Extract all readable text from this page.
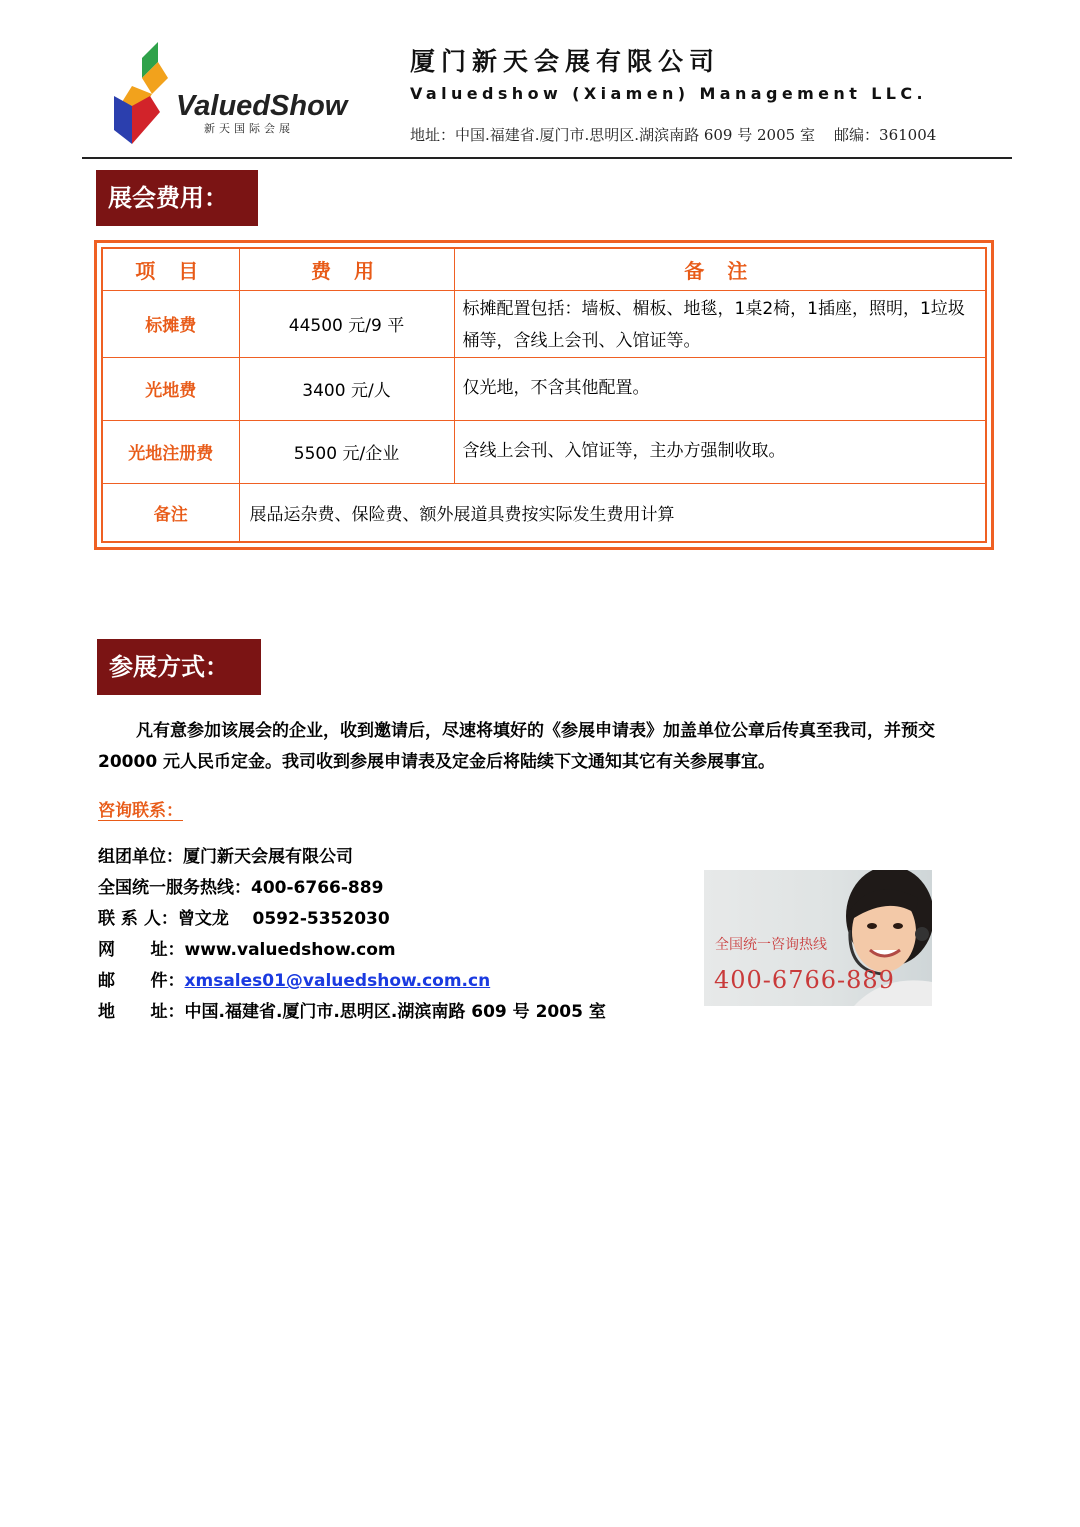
ValuedShow
新天国际会展
厦门新天会展有限公司
Valuedshow (Xiamen) Management LLC.
地址：中国.福建省.厦门市.思明区.湖滨南路 609 号 2005 室    邮编：361004
展会费用：
项 目	费 用	备 注
标摊费	44500 元/9 平	标摊配置包括：墙板、楣板、地毯，1桌2椅，1插座，照明，1垃圾桶等，含线上会刊、入馆证等。
光地费	3400 元/人	仅光地，不含其他配置。
光地注册费	5500 元/企业	含线上会刊、入馆证等，主办方强制收取。
备注	展品运杂费、保险费、额外展道具费按实际发生费用计算	
参展方式：
凡有意参加该展会的企业，收到邀请后，尽速将填好的《参展申请表》加盖单位公章后传真至我司，并预交 20000 元人民币定金。我司收到参展申请表及定金后将陆续下文通知其它有关参展事宜。
咨询联系：
组团单位：厦门新天会展有限公司
全国统一服务热线：400-6766-889
联 系 人：曾文龙    0592-5352030
网      址：www.valuedshow.com
邮      件：xmsales01@valuedshow.com.cn
地      址：中国.福建省.厦门市.思明区.湖滨南路 609 号 2005 室
全国统一咨询热线
400-6766-889
